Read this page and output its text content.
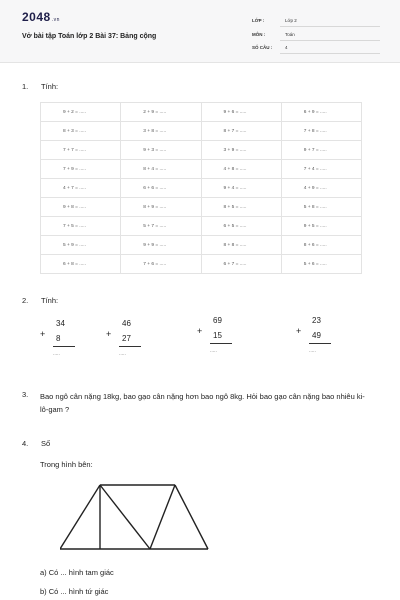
2048.vn
Vở bài tập Toán lớp 2 Bài 37: Bảng cộng
LỚP :	Lớp 2
MÔN :	Toán
SỐ CÂU :	4
1. Tính:
9 + 2 = .....	2 + 9 = .....	9 + 6 = .....	6 + 9 = .....
8 + 3 = .....	3 + 8 = .....	8 + 7 = .....	7 + 8 = .....
7 + 7 = .....	9 + 3 = .....	3 + 9 = .....	9 + 7 = .....
7 + 9 = .....	8 + 4 = .....	4 + 8 = .....	7 + 4 = .....
4 + 7 = .....	6 + 6 = .....	9 + 4 = .....	4 + 9 = .....
9 + 8 = .....	8 + 9 = .....	8 + 5 = .....	5 + 8 = .....
7 + 5 = .....	5 + 7 = .....	6 + 5 = .....	9 + 5 = .....
5 + 9 = .....	9 + 9 = .....	8 + 8 = .....	8 + 6 = .....
6 + 8 = .....	7 + 6 = .....	6 + 7 = .....	5 + 6 = .....
2. Tính:
+
34
8
.....
+
46
27
.....
+
69
15
.....
+
23
49
.....
3. Bao ngô cân nặng 18kg, bao gạo cân nặng hơn bao ngô 8kg. Hỏi bao gạo cân nặng bao nhiêu ki-lô-gam ?
4. Số
Trong hình bên:
a) Có ... hình tam giác
b) Có ... hình tứ giác
